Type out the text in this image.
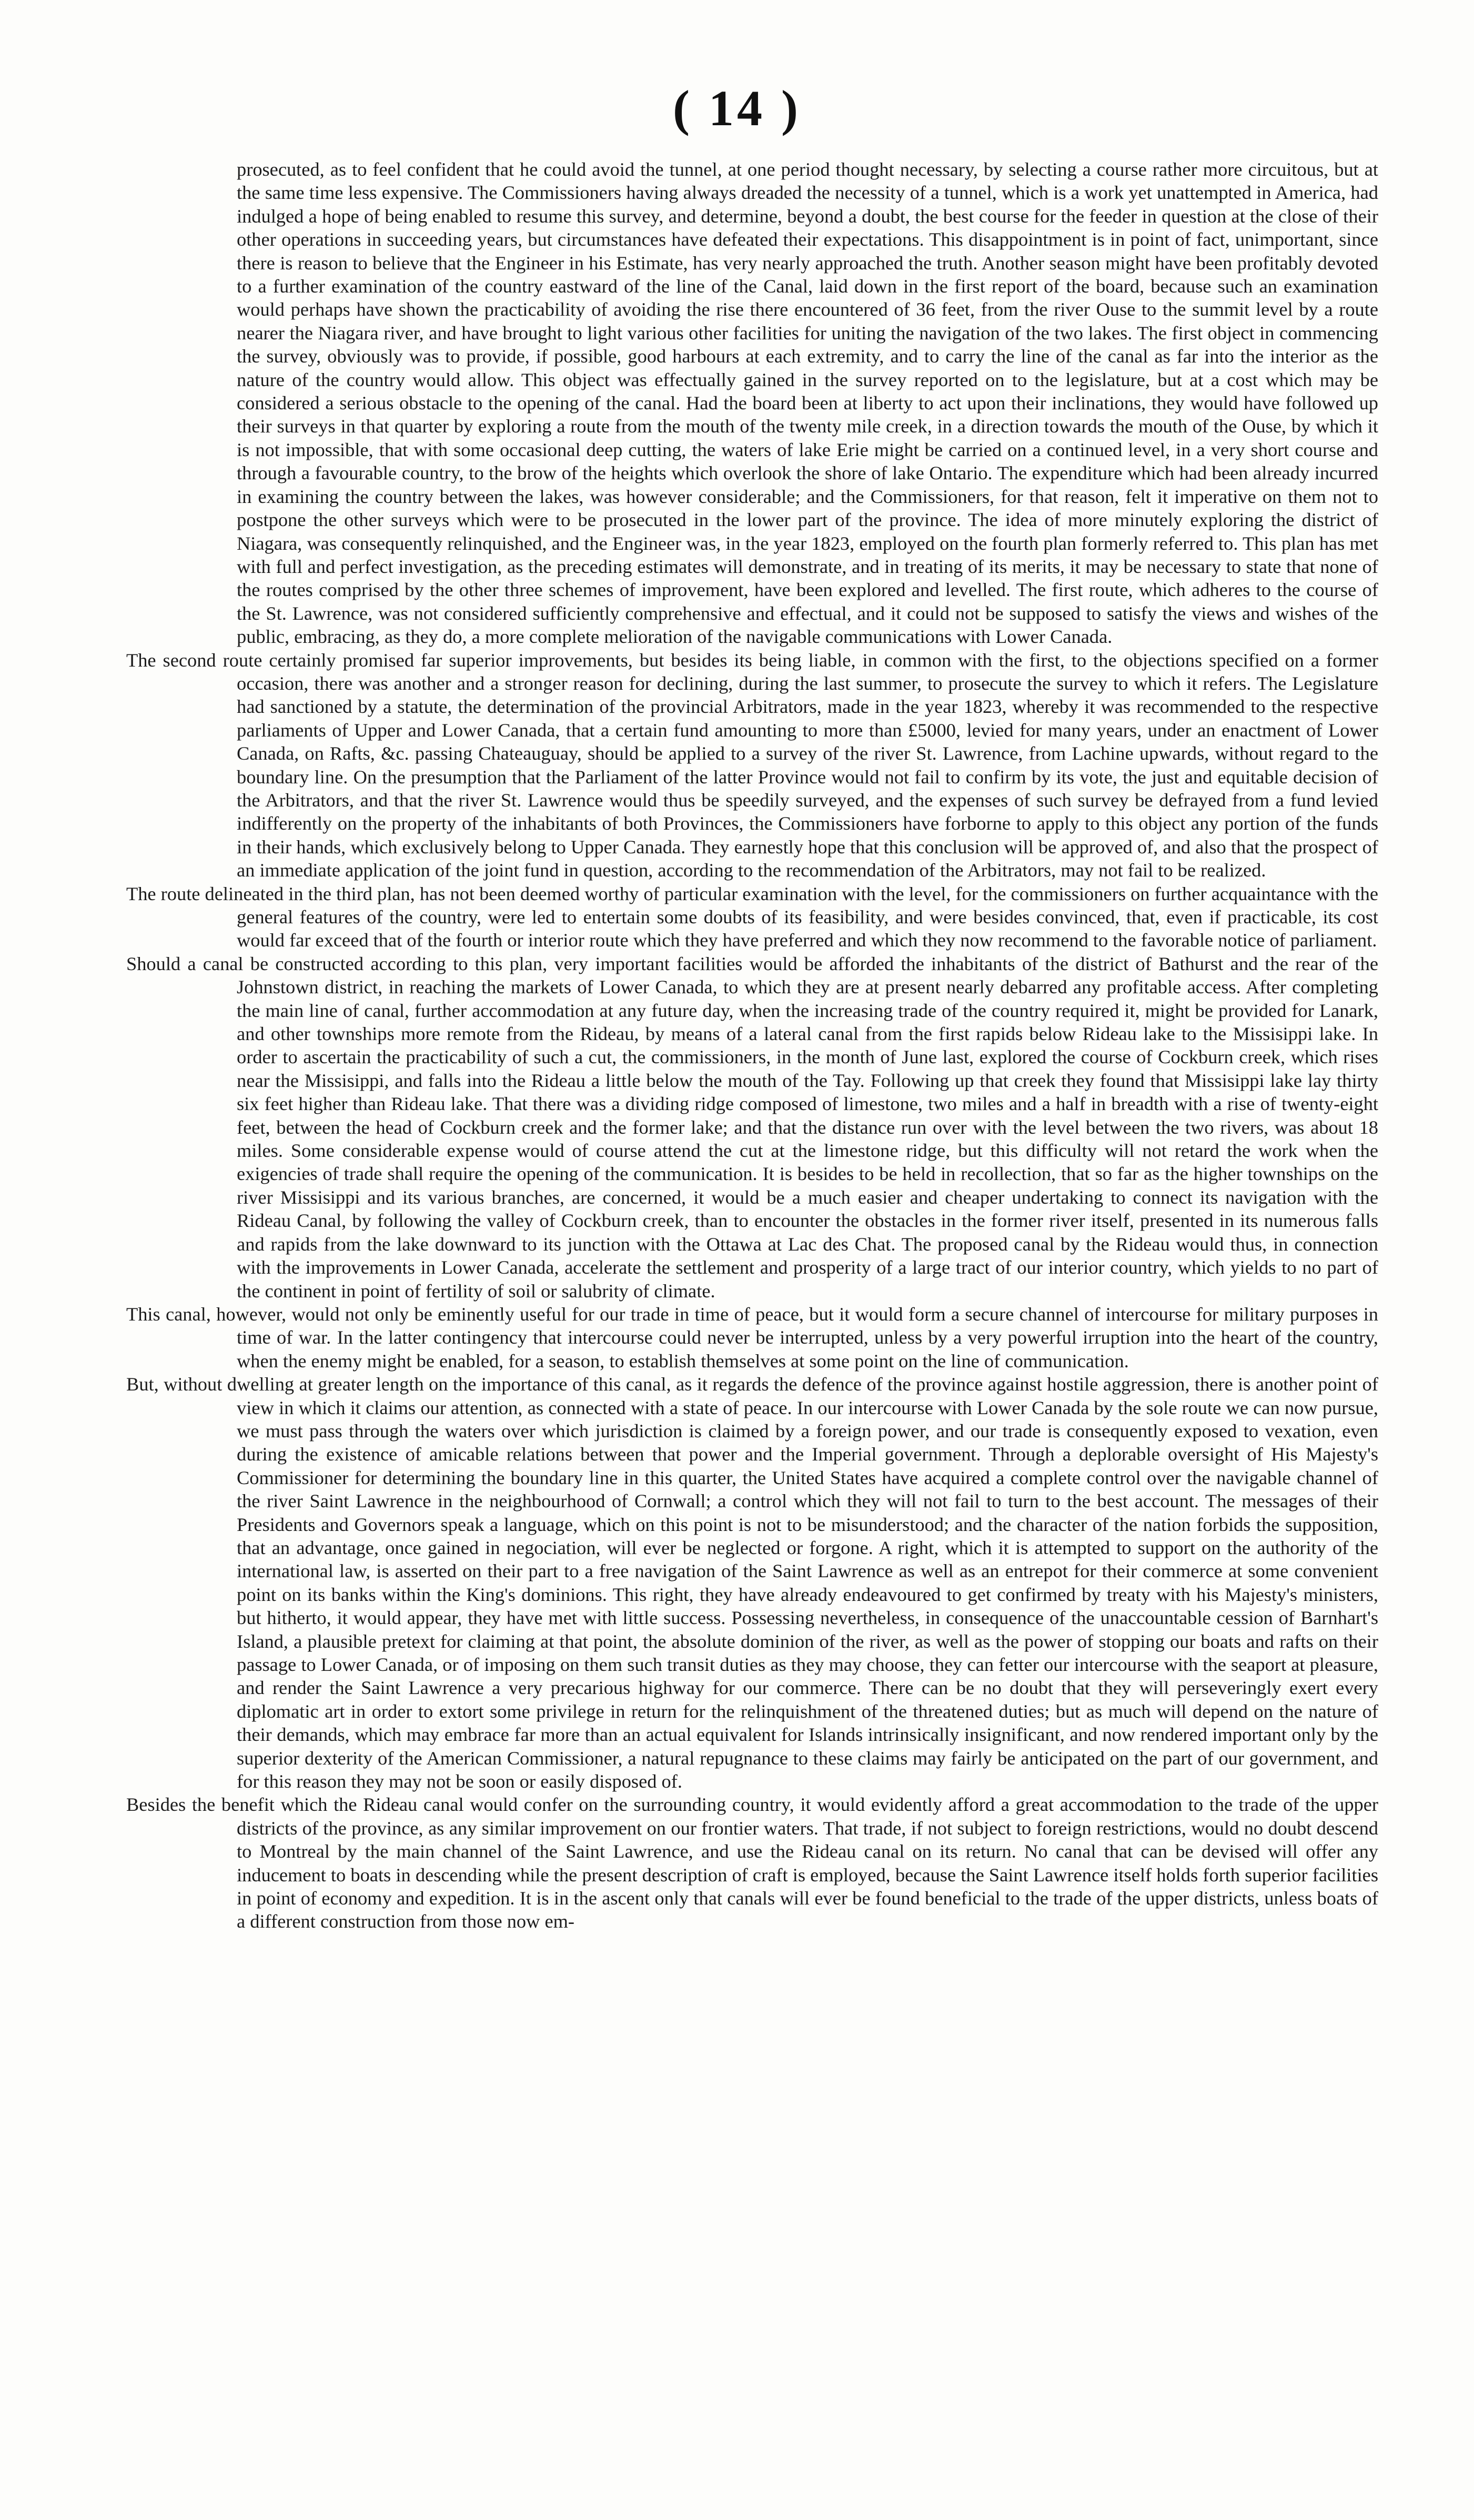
( 14 )

prosecuted, as to feel confident that he could avoid the tunnel, at one period thought necessary, by selecting a course rather more circuitous, but at the same time less expensive. The Commissioners having always dreaded the necessity of a tunnel, which is a work yet unattempted in America, had indulged a hope of being enabled to resume this survey, and determine, beyond a doubt, the best course for the feeder in question at the close of their other operations in succeeding years, but circumstances have defeated their expectations. This disappointment is in point of fact, unimportant, since there is reason to believe that the Engineer in his Estimate, has very nearly approached the truth. Another season might have been profitably devoted to a further examination of the country eastward of the line of the Canal, laid down in the first report of the board, because such an examination would perhaps have shown the practicability of avoiding the rise there encountered of 36 feet, from the river Ouse to the summit level by a route nearer the Niagara river, and have brought to light various other facilities for uniting the navigation of the two lakes. The first object in commencing the survey, obviously was to provide, if possible, good harbours at each extremity, and to carry the line of the canal as far into the interior as the nature of the country would allow. This object was effectually gained in the survey reported on to the legislature, but at a cost which may be considered a serious obstacle to the opening of the canal. Had the board been at liberty to act upon their inclinations, they would have followed up their surveys in that quarter by exploring a route from the mouth of the twenty mile creek, in a direction towards the mouth of the Ouse, by which it is not impossible, that with some occasional deep cutting, the waters of lake Erie might be carried on a continued level, in a very short course and through a favourable country, to the brow of the heights which overlook the shore of lake Ontario. The expenditure which had been already incurred in examining the country between the lakes, was however considerable; and the Commissioners, for that reason, felt it imperative on them not to postpone the other surveys which were to be prosecuted in the lower part of the province. The idea of more minutely exploring the district of Niagara, was consequently relinquished, and the Engineer was, in the year 1823, employed on the fourth plan formerly referred to. This plan has met with full and perfect investigation, as the preceding estimates will demonstrate, and in treating of its merits, it may be necessary to state that none of the routes comprised by the other three schemes of improvement, have been explored and levelled. The first route, which adheres to the course of the St. Lawrence, was not considered sufficiently comprehensive and effectual, and it could not be supposed to satisfy the views and wishes of the public, embracing, as they do, a more complete melioration of the navigable communications with Lower Canada.

The second route certainly promised far superior improvements, but besides its being liable, in common with the first, to the objections specified on a former occasion, there was another and a stronger reason for declining, during the last summer, to prosecute the survey to which it refers. The Legislature had sanctioned by a statute, the determination of the provincial Arbitrators, made in the year 1823, whereby it was recommended to the respective parliaments of Upper and Lower Canada, that a certain fund amounting to more than £5000, levied for many years, under an enactment of Lower Canada, on Rafts, &c. passing Chateauguay, should be applied to a survey of the river St. Lawrence, from Lachine upwards, without regard to the boundary line. On the presumption that the Parliament of the latter Province would not fail to confirm by its vote, the just and equitable decision of the Arbitrators, and that the river St. Lawrence would thus be speedily surveyed, and the expenses of such survey be defrayed from a fund levied indifferently on the property of the inhabitants of both Provinces, the Commissioners have forborne to apply to this object any portion of the funds in their hands, which exclusively belong to Upper Canada. They earnestly hope that this conclusion will be approved of, and also that the prospect of an immediate application of the joint fund in question, according to the recommendation of the Arbitrators, may not fail to be realized.

The route delineated in the third plan, has not been deemed worthy of particular examination with the level, for the commissioners on further acquaintance with the general features of the country, were led to entertain some doubts of its feasibility, and were besides convinced, that, even if practicable, its cost would far exceed that of the fourth or interior route which they have preferred and which they now recommend to the favorable notice of parliament.

Should a canal be constructed according to this plan, very important facilities would be afforded the inhabitants of the district of Bathurst and the rear of the Johnstown district, in reaching the markets of Lower Canada, to which they are at present nearly debarred any profitable access. After completing the main line of canal, further accommodation at any future day, when the increasing trade of the country required it, might be provided for Lanark, and other townships more remote from the Rideau, by means of a lateral canal from the first rapids below Rideau lake to the Missisippi lake. In order to ascertain the practicability of such a cut, the commissioners, in the month of June last, explored the course of Cockburn creek, which rises near the Missisippi, and falls into the Rideau a little below the mouth of the Tay. Following up that creek they found that Missisippi lake lay thirty six feet higher than Rideau lake. That there was a dividing ridge composed of limestone, two miles and a half in breadth with a rise of twenty-eight feet, between the head of Cockburn creek and the former lake; and that the distance run over with the level between the two rivers, was about 18 miles. Some considerable expense would of course attend the cut at the limestone ridge, but this difficulty will not retard the work when the exigencies of trade shall require the opening of the communication. It is besides to be held in recollection, that so far as the higher townships on the river Missisippi and its various branches, are concerned, it would be a much easier and cheaper undertaking to connect its navigation with the Rideau Canal, by following the valley of Cockburn creek, than to encounter the obstacles in the former river itself, presented in its numerous falls and rapids from the lake downward to its junction with the Ottawa at Lac des Chat. The proposed canal by the Rideau would thus, in connection with the improvements in Lower Canada, accelerate the settlement and prosperity of a large tract of our interior country, which yields to no part of the continent in point of fertility of soil or salubrity of climate.

This canal, however, would not only be eminently useful for our trade in time of peace, but it would form a secure channel of intercourse for military purposes in time of war. In the latter contingency that intercourse could never be interrupted, unless by a very powerful irruption into the heart of the country, when the enemy might be enabled, for a season, to establish themselves at some point on the line of communication.

But, without dwelling at greater length on the importance of this canal, as it regards the defence of the province against hostile aggression, there is another point of view in which it claims our attention, as connected with a state of peace. In our intercourse with Lower Canada by the sole route we can now pursue, we must pass through the waters over which jurisdiction is claimed by a foreign power, and our trade is consequently exposed to vexation, even during the existence of amicable relations between that power and the Imperial government. Through a deplorable oversight of His Majesty's Commissioner for determining the boundary line in this quarter, the United States have acquired a complete control over the navigable channel of the river Saint Lawrence in the neighbourhood of Cornwall; a control which they will not fail to turn to the best account. The messages of their Presidents and Governors speak a language, which on this point is not to be misunderstood; and the character of the nation forbids the supposition, that an advantage, once gained in negociation, will ever be neglected or forgone. A right, which it is attempted to support on the authority of the international law, is asserted on their part to a free navigation of the Saint Lawrence as well as an entrepot for their commerce at some convenient point on its banks within the King's dominions. This right, they have already endeavoured to get confirmed by treaty with his Majesty's ministers, but hitherto, it would appear, they have met with little success. Possessing nevertheless, in consequence of the unaccountable cession of Barnhart's Island, a plausible pretext for claiming at that point, the absolute dominion of the river, as well as the power of stopping our boats and rafts on their passage to Lower Canada, or of imposing on them such transit duties as they may choose, they can fetter our intercourse with the seaport at pleasure, and render the Saint Lawrence a very precarious highway for our commerce. There can be no doubt that they will perseveringly exert every diplomatic art in order to extort some privilege in return for the relinquishment of the threatened duties; but as much will depend on the nature of their demands, which may embrace far more than an actual equivalent for Islands intrinsically insignificant, and now rendered important only by the superior dexterity of the American Commissioner, a natural repugnance to these claims may fairly be anticipated on the part of our government, and for this reason they may not be soon or easily disposed of.

Besides the benefit which the Rideau canal would confer on the surrounding country, it would evidently afford a great accommodation to the trade of the upper districts of the province, as any similar improvement on our frontier waters. That trade, if not subject to foreign restrictions, would no doubt descend to Montreal by the main channel of the Saint Lawrence, and use the Rideau canal on its return. No canal that can be devised will offer any inducement to boats in descending while the present description of craft is employed, because the Saint Lawrence itself holds forth superior facilities in point of economy and expedition. It is in the ascent only that canals will ever be found beneficial to the trade of the upper districts, unless boats of a different construction from those now em-
